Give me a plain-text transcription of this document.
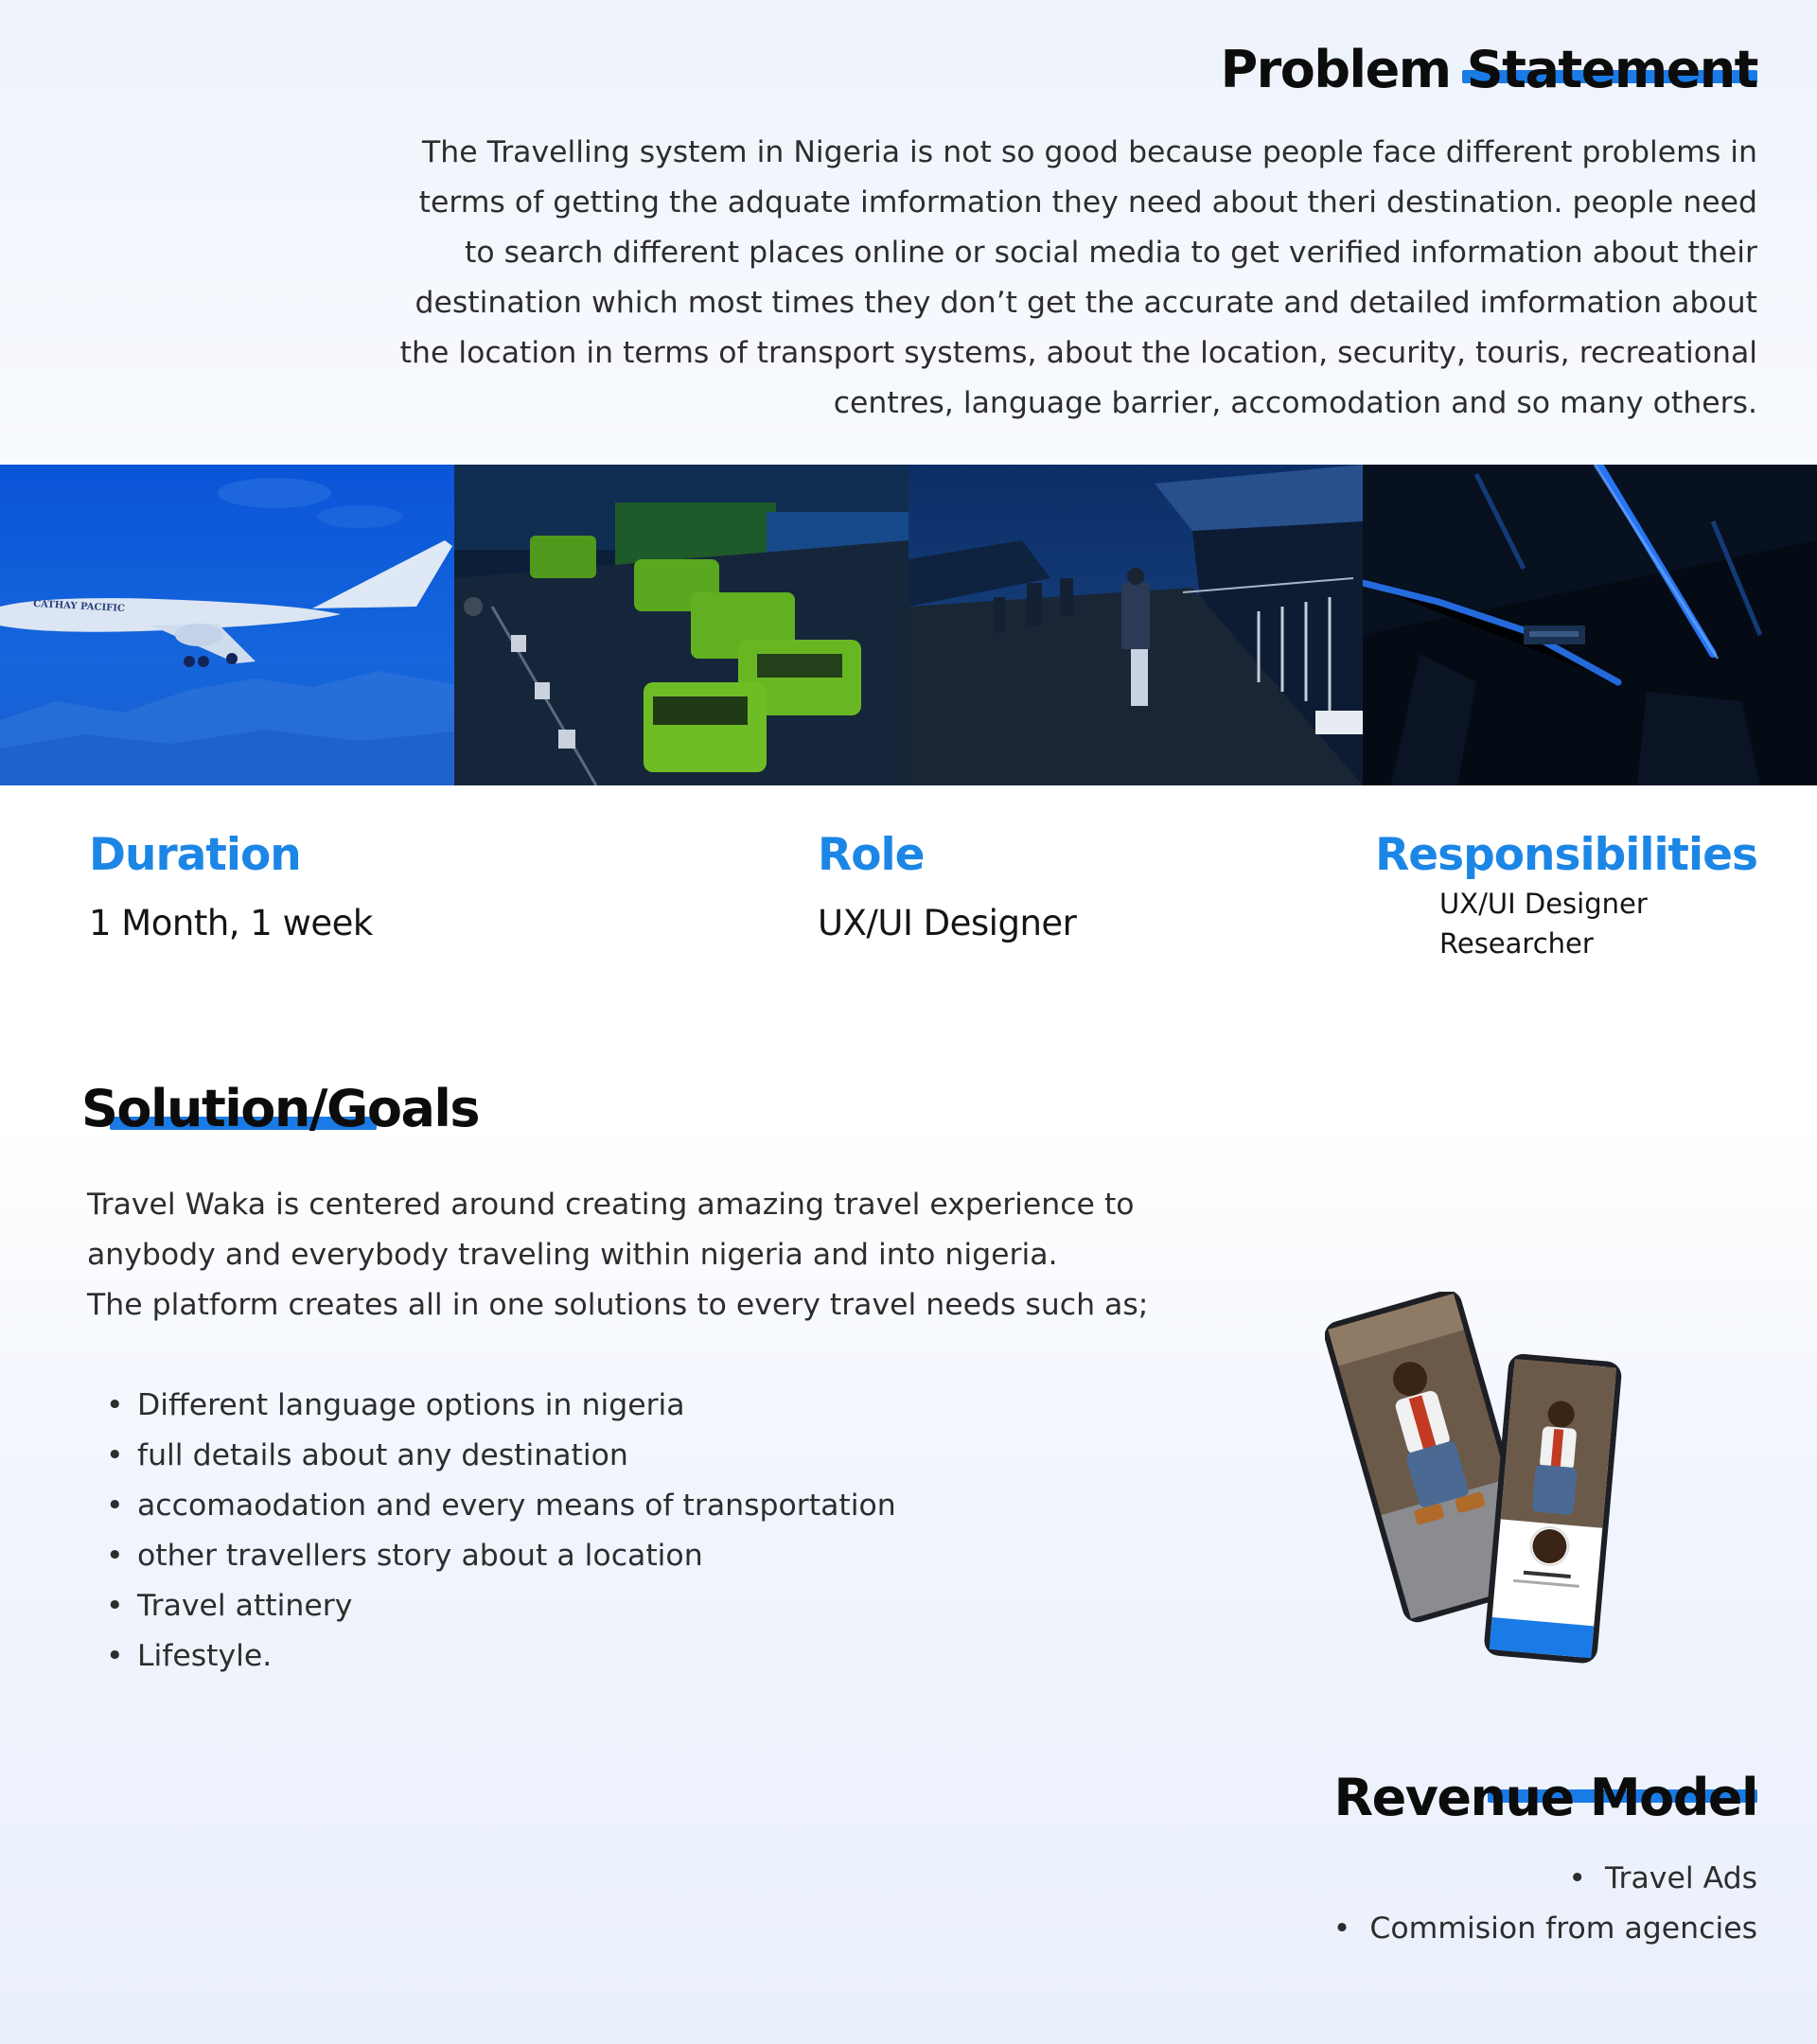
Problem Statement

The Travelling system in Nigeria is not so good because people face different problems in terms of getting the adquate imformation they need about theri destination. people need to search different places online or social media to get verified information about their destination which most times they don’t get the accurate and detailed imformation about the location in terms of transport systems, about the location, security, touris, recreational centres, language barrier, accomodation and so many others.

CATHAY PACIFIC
Duration
1 Month, 1 week
Role
UX/UI Designer
Responsibilities
UX/UI Designer
Researcher
Solution/Goals

Travel Waka is centered around creating amazing travel experience to
anybody and everybody traveling within nigeria and into nigeria.
The platform creates all in one solutions to every travel needs such as;

• Different language options in nigeria
• full details about any destination
• accomaodation and every means of transportation
• other travellers story about a location
• Travel attinery
• Lifestyle.
Revenue Model
• Travel Ads
• Commision from agencies
